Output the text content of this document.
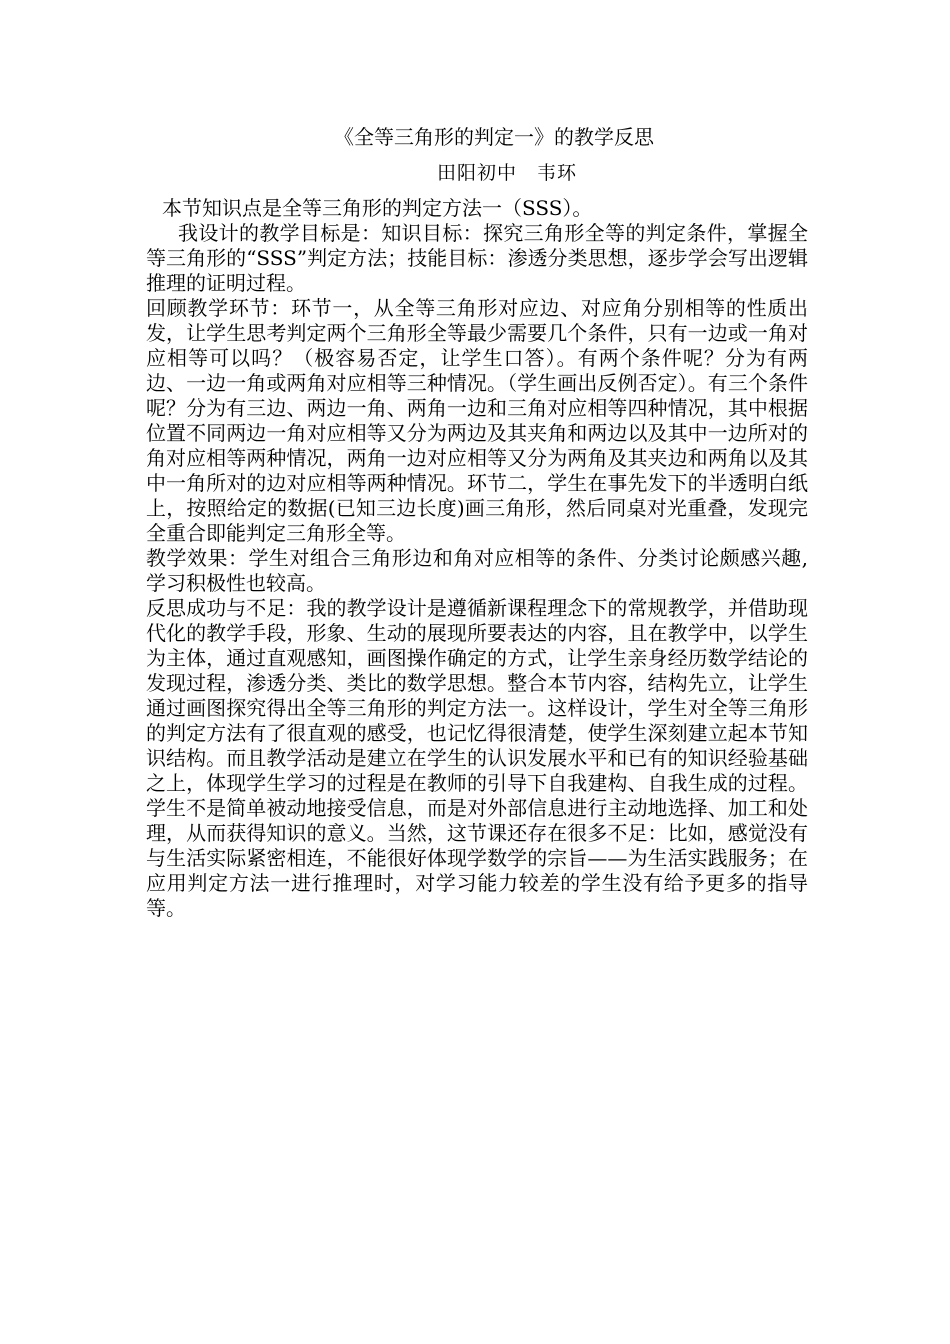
《全等三角形的判定一》的教学反思
田阳初中　韦环

本节知识点是全等三角形的判定方法一（SSS）。

我设计的教学目标是：知识目标：探究三角形全等的判定条件，掌握全等三角形的“SSS”判定方法；技能目标：渗透分类思想，逐步学会写出逻辑推理的证明过程。

回顾教学环节：环节一，从全等三角形对应边、对应角分别相等的性质出发，让学生思考判定两个三角形全等最少需要几个条件，只有一边或一角对应相等可以吗？（极容易否定，让学生口答）。有两个条件呢？分为有两边、一边一角或两角对应相等三种情况。（学生画出反例否定）。有三个条件呢？分为有三边、两边一角、两角一边和三角对应相等四种情况，其中根据位置不同两边一角对应相等又分为两边及其夹角和两边以及其中一边所对的角对应相等两种情况，两角一边对应相等又分为两角及其夹边和两角以及其中一角所对的边对应相等两种情况。环节二，学生在事先发下的半透明白纸上，按照给定的数据(已知三边长度)画三角形，然后同桌对光重叠，发现完全重合即能判定三角形全等。

教学效果：学生对组合三角形边和角对应相等的条件、分类讨论颇感兴趣,学习积极性也较高。

反思成功与不足：我的教学设计是遵循新课程理念下的常规教学，并借助现代化的教学手段，形象、生动的展现所要表达的内容，且在教学中，以学生为主体，通过直观感知，画图操作确定的方式，让学生亲身经历数学结论的发现过程，渗透分类、类比的数学思想。整合本节内容，结构先立，让学生通过画图探究得出全等三角形的判定方法一。这样设计，学生对全等三角形的判定方法有了很直观的感受，也记忆得很清楚，使学生深刻建立起本节知识结构。而且教学活动是建立在学生的认识发展水平和已有的知识经验基础之上，体现学生学习的过程是在教师的引导下自我建构、自我生成的过程。学生不是简单被动地接受信息，而是对外部信息进行主动地选择、加工和处理，从而获得知识的意义。当然，这节课还存在很多不足：比如，感觉没有与生活实际紧密相连，不能很好体现学数学的宗旨——为生活实践服务；在应用判定方法一进行推理时，对学习能力较差的学生没有给予更多的指导等。
